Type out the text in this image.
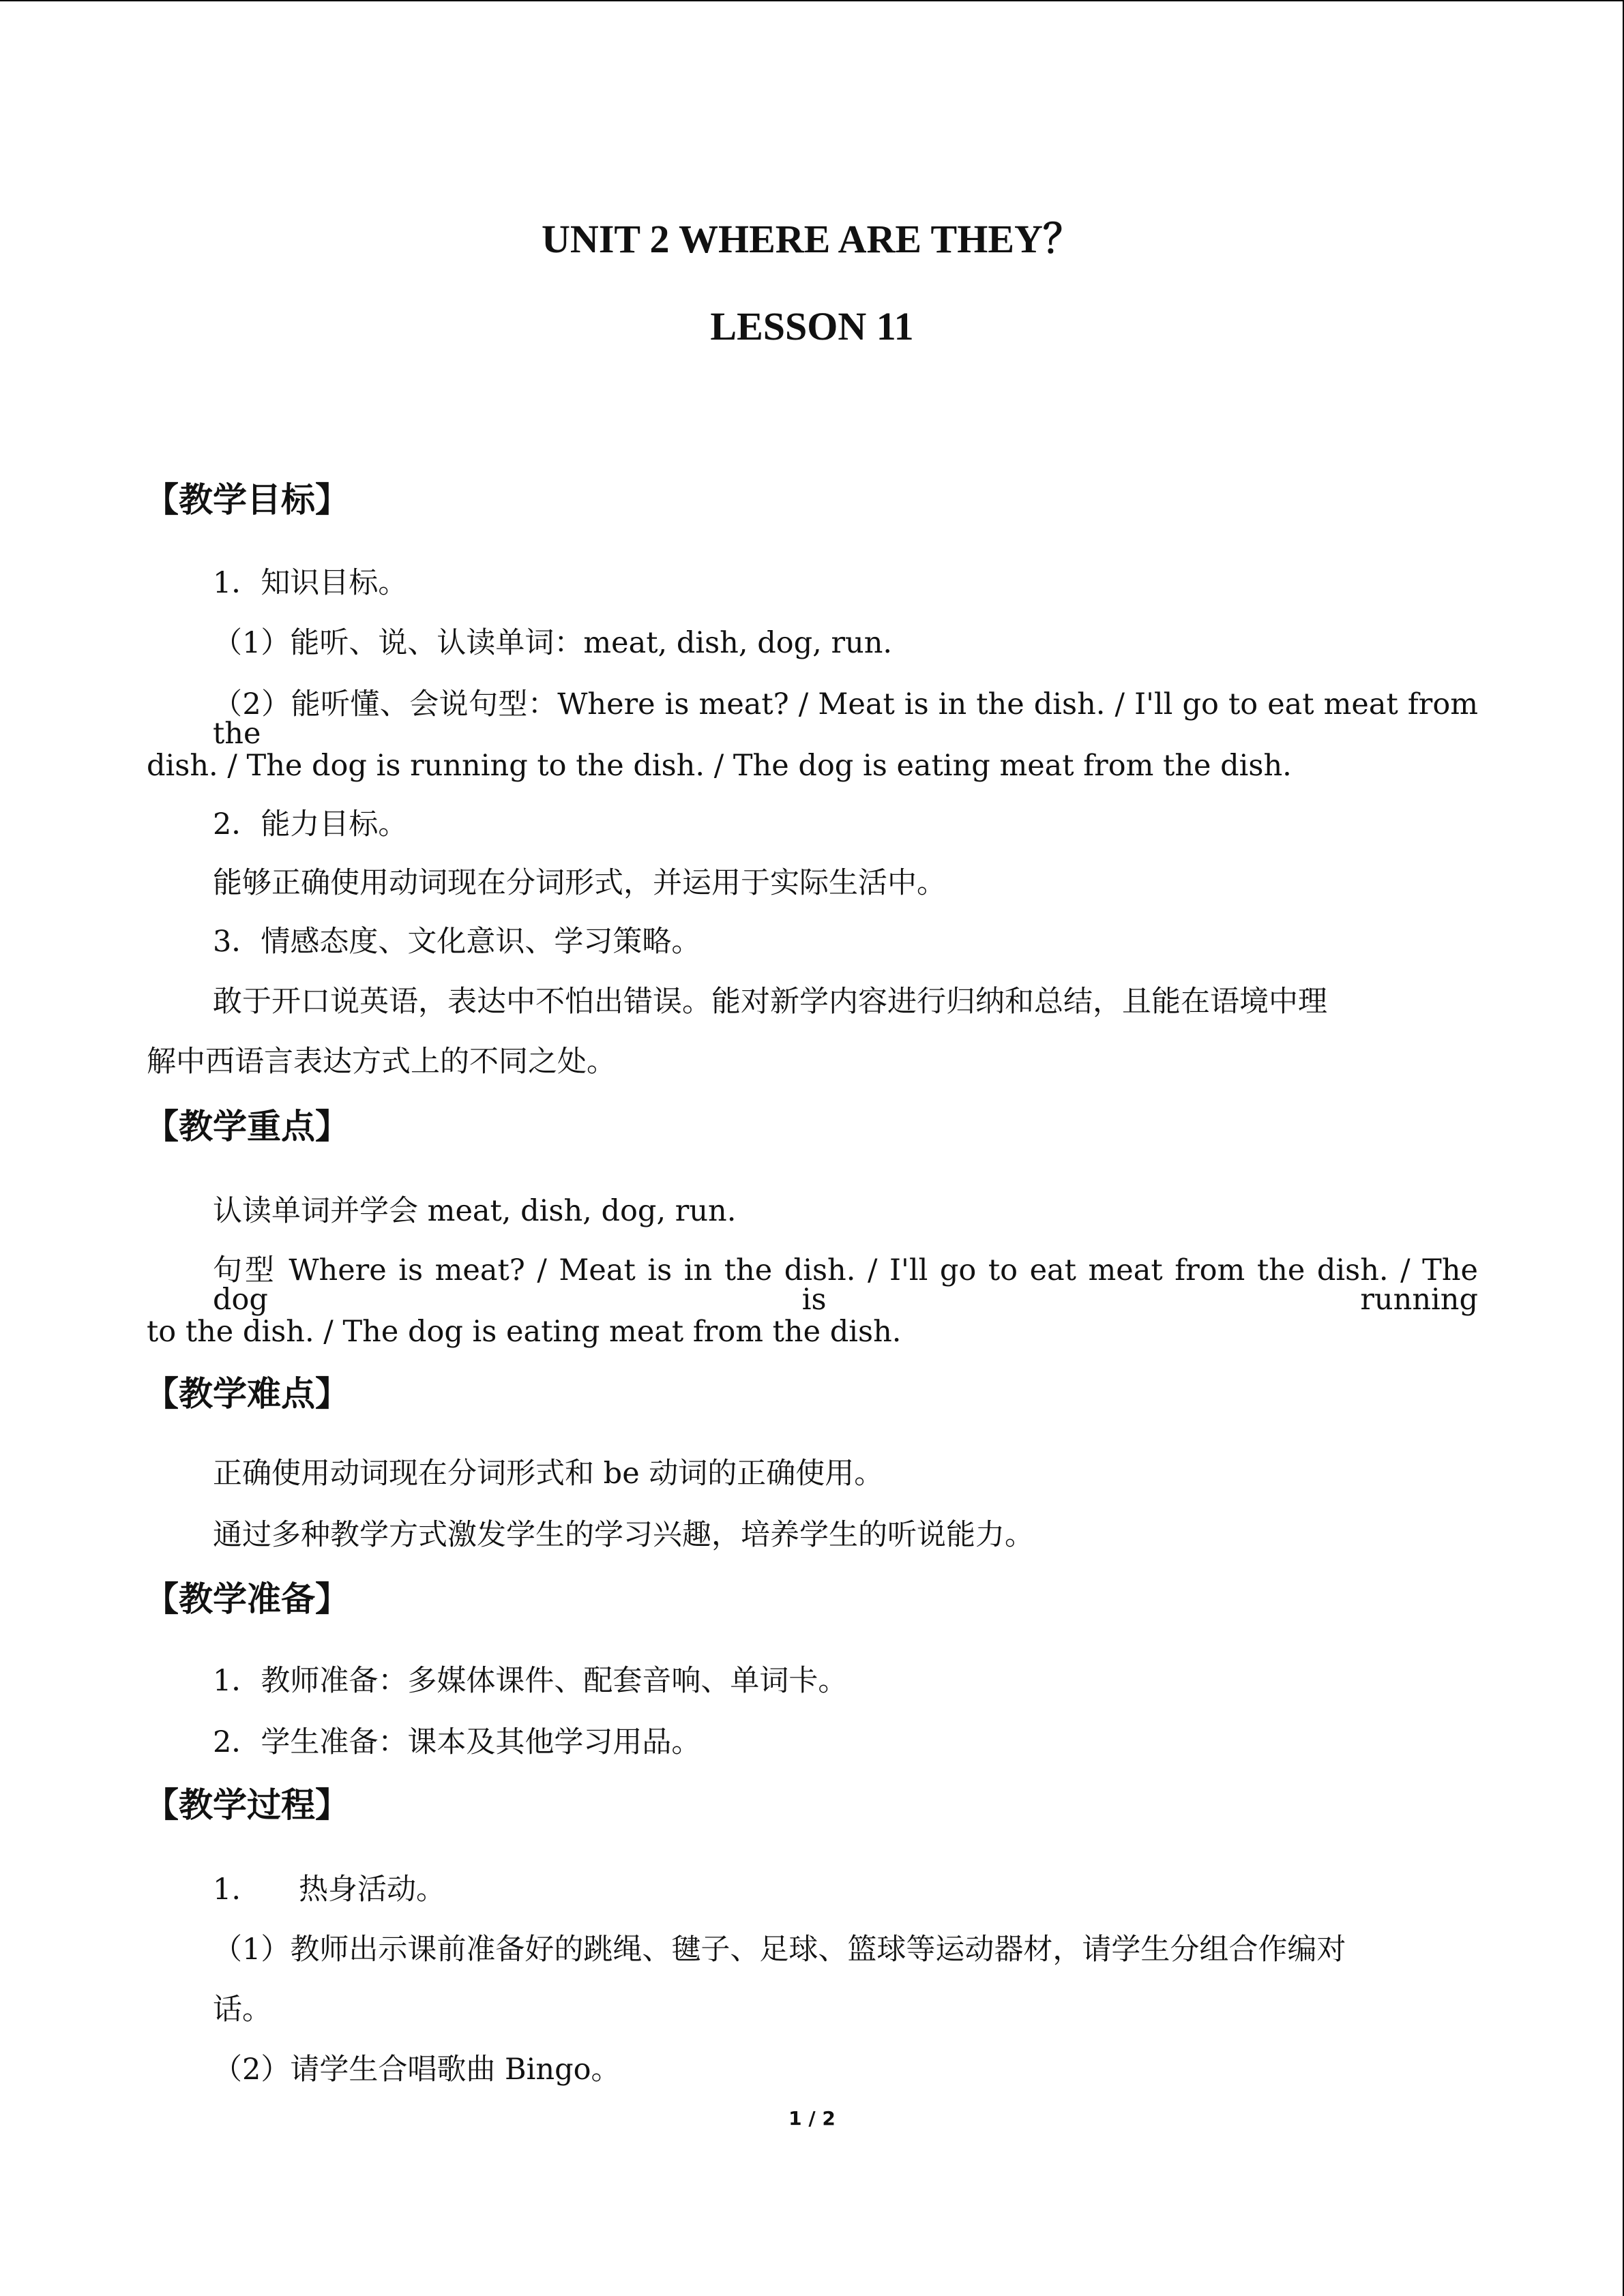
UNIT 2 WHERE ARE THEY？
LESSON 11
【教学目标】
1．知识目标。
（1）能听、说、认读单词：meat, dish, dog, run.
（2）能听懂、会说句型：Where is meat? / Meat is in the dish. / I'll go to eat meat from the
dish. / The dog is running to the dish. / The dog is eating meat from the dish.
2．能力目标。
能够正确使用动词现在分词形式，并运用于实际生活中。
3．情感态度、文化意识、学习策略。
敢于开口说英语，表达中不怕出错误。能对新学内容进行归纳和总结，且能在语境中理
解中西语言表达方式上的不同之处。
【教学重点】
认读单词并学会 meat, dish, dog, run.
句型 Where is meat? / Meat is in the dish. / I'll go to eat meat from the dish. / The dog is running
to the dish. / The dog is eating meat from the dish.
【教学难点】
正确使用动词现在分词形式和 be 动词的正确使用。
通过多种教学方式激发学生的学习兴趣，培养学生的听说能力。
【教学准备】
1．教师准备：多媒体课件、配套音响、单词卡。
2．学生准备：课本及其他学习用品。
【教学过程】
1. 热身活动。
（1）教师出示课前准备好的跳绳、毽子、足球、篮球等运动器材，请学生分组合作编对
话。
（2）请学生合唱歌曲 Bingo。
1 / 2
